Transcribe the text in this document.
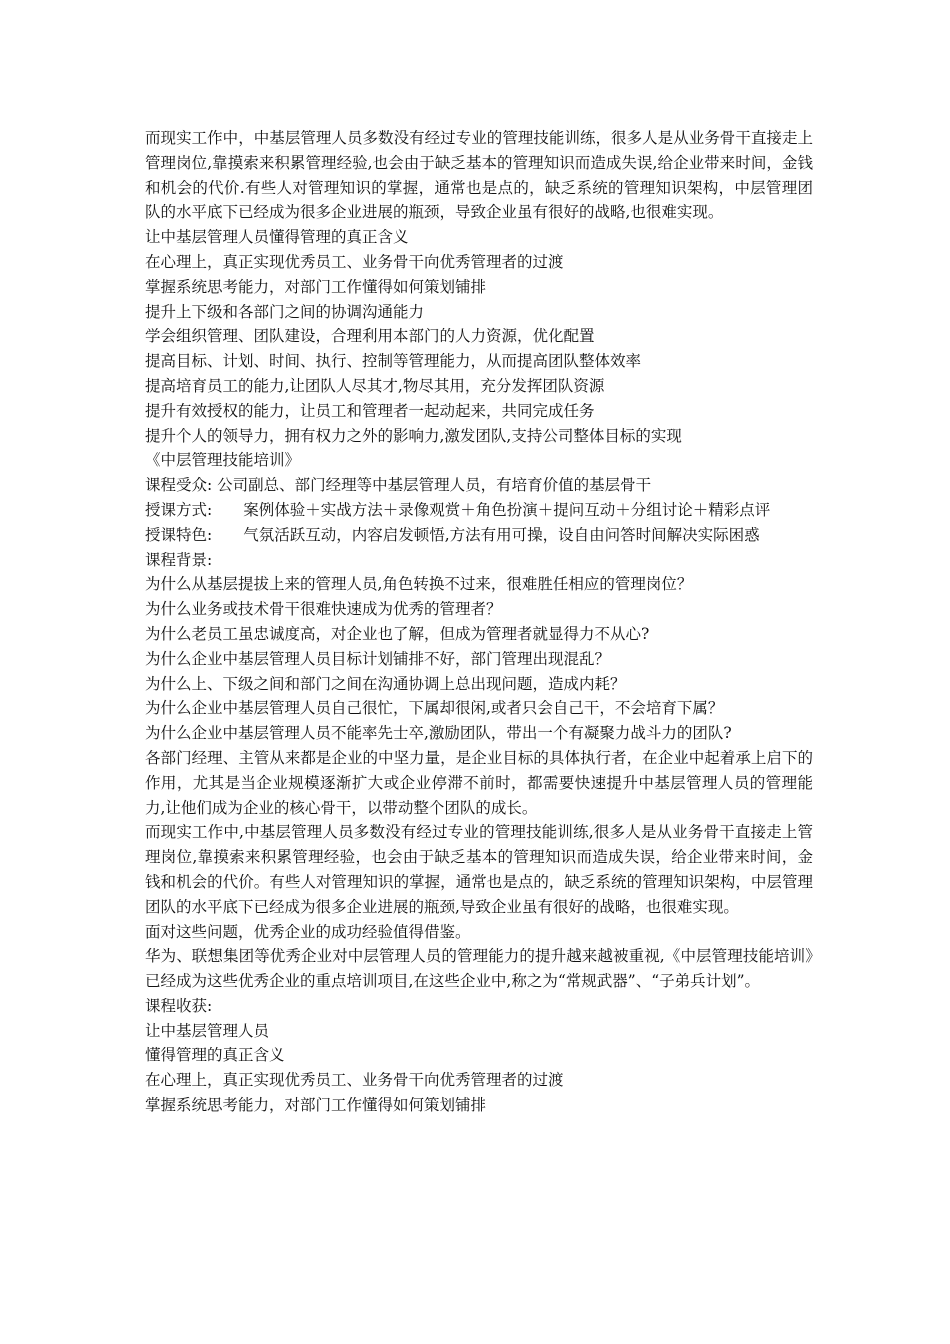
而现实工作中，中基层管理人员多数没有经过专业的管理技能训练，很多人是从业务骨干直接走上管理岗位,靠摸索来积累管理经验,也会由于缺乏基本的管理知识而造成失误,给企业带来时间，金钱和机会的代价.有些人对管理知识的掌握，通常也是点的，缺乏系统的管理知识架构，中层管理团队的水平底下已经成为很多企业进展的瓶颈，导致企业虽有很好的战略,也很难实现。

让中基层管理人员懂得管理的真正含义

在心理上，真正实现优秀员工、业务骨干向优秀管理者的过渡

掌握系统思考能力，对部门工作懂得如何策划铺排

提升上下级和各部门之间的协调沟通能力

学会组织管理、团队建设，合理利用本部门的人力资源，优化配置

提高目标、计划、时间、执行、控制等管理能力，从而提高团队整体效率

提高培育员工的能力,让团队人尽其才,物尽其用，充分发挥团队资源

提升有效授权的能力，让员工和管理者一起动起来，共同完成任务

提升个人的领导力，拥有权力之外的影响力,激发团队,支持公司整体目标的实现

《中层管理技能培训》

课程受众: 公司副总、部门经理等中基层管理人员，有培育价值的基层骨干

授课方式:　　案例体验＋实战方法＋录像观赏＋角色扮演＋提问互动＋分组讨论＋精彩点评

授课特色:　　气氛活跃互动，内容启发顿悟,方法有用可操，设自由问答时间解决实际困惑

课程背景:

为什么从基层提拔上来的管理人员,角色转换不过来，很难胜任相应的管理岗位？

为什么业务或技术骨干很难快速成为优秀的管理者？

为什么老员工虽忠诚度高，对企业也了解，但成为管理者就显得力不从心?

为什么企业中基层管理人员目标计划铺排不好，部门管理出现混乱？

为什么上、下级之间和部门之间在沟通协调上总出现问题，造成内耗？

为什么企业中基层管理人员自己很忙，下属却很闲,或者只会自己干，不会培育下属？

为什么企业中基层管理人员不能率先士卒,激励团队，带出一个有凝聚力战斗力的团队?

各部门经理、主管从来都是企业的中坚力量，是企业目标的具体执行者，在企业中起着承上启下的作用，尤其是当企业规模逐渐扩大或企业停滞不前时，都需要快速提升中基层管理人员的管理能力,让他们成为企业的核心骨干，以带动整个团队的成长。

而现实工作中,中基层管理人员多数没有经过专业的管理技能训练,很多人是从业务骨干直接走上管理岗位,靠摸索来积累管理经验，也会由于缺乏基本的管理知识而造成失误，给企业带来时间，金钱和机会的代价。有些人对管理知识的掌握，通常也是点的，缺乏系统的管理知识架构，中层管理团队的水平底下已经成为很多企业进展的瓶颈,导致企业虽有很好的战略，也很难实现。

面对这些问题，优秀企业的成功经验值得借鉴。

华为、联想集团等优秀企业对中层管理人员的管理能力的提升越来越被重视,《中层管理技能培训》已经成为这些优秀企业的重点培训项目,在这些企业中,称之为“常规武器”、“子弟兵计划”。

课程收获:

让中基层管理人员

懂得管理的真正含义

在心理上，真正实现优秀员工、业务骨干向优秀管理者的过渡

掌握系统思考能力，对部门工作懂得如何策划铺排
